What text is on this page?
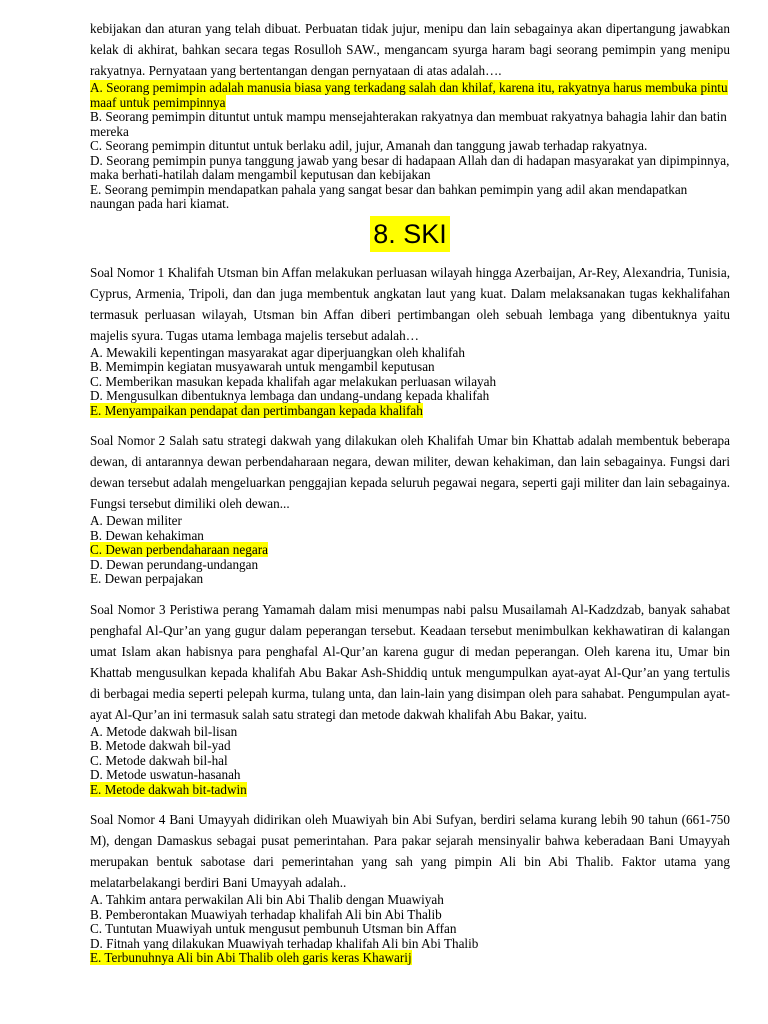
kebijakan dan aturan yang telah dibuat. Perbuatan tidak jujur, menipu dan lain sebagainya akan dipertangung jawabkan kelak di akhirat, bahkan secara tegas Rosulloh SAW., mengancam syurga haram bagi seorang pemimpin yang menipu rakyatnya. Pernyataan yang bertentangan dengan pernyataan di atas adalah….

A. Seorang pemimpin adalah manusia biasa yang terkadang salah dan khilaf, karena itu, rakyatnya harus membuka pintu maaf untuk pemimpinnya

B. Seorang pemimpin dituntut untuk mampu mensejahterakan rakyatnya dan membuat rakyatnya bahagia lahir dan batin mereka

C. Seorang pemimpin dituntut untuk berlaku adil, jujur, Amanah dan tanggung jawab terhadap rakyatnya.

D. Seorang pemimpin punya tanggung jawab yang besar di hadapaan Allah dan di hadapan masyarakat yan dipimpinnya, maka berhati-hatilah dalam mengambil keputusan dan kebijakan

E. Seorang pemimpin mendapatkan pahala yang sangat besar dan bahkan pemimpin yang adil akan mendapatkan naungan pada hari kiamat.

8. SKI

Soal Nomor 1 Khalifah Utsman bin Affan melakukan perluasan wilayah hingga Azerbaijan, Ar-Rey, Alexandria, Tunisia, Cyprus, Armenia, Tripoli, dan dan juga membentuk angkatan laut yang kuat. Dalam melaksanakan tugas kekhalifahan termasuk perluasan wilayah, Utsman bin Affan diberi pertimbangan oleh sebuah lembaga yang dibentuknya yaitu majelis syura. Tugas utama lembaga majelis tersebut adalah…

A. Mewakili kepentingan masyarakat agar diperjuangkan oleh khalifah

B. Memimpin kegiatan musyawarah untuk mengambil keputusan

C. Memberikan masukan kepada khalifah agar melakukan perluasan wilayah

D. Mengusulkan dibentuknya lembaga dan undang-undang kepada khalifah

E. Menyampaikan pendapat dan pertimbangan kepada khalifah

Soal Nomor 2 Salah satu strategi dakwah yang dilakukan oleh Khalifah Umar bin Khattab adalah membentuk beberapa dewan, di antarannya dewan perbendaharaan negara, dewan militer, dewan kehakiman, dan lain sebagainya. Fungsi dari dewan tersebut adalah mengeluarkan penggajian kepada seluruh pegawai negara, seperti gaji militer dan lain sebagainya. Fungsi tersebut dimiliki oleh dewan...

A. Dewan militer

B. Dewan kehakiman

C. Dewan perbendaharaan negara

D. Dewan perundang-undangan

E. Dewan perpajakan

Soal Nomor 3 Peristiwa perang Yamamah dalam misi menumpas nabi palsu Musailamah Al-Kadzdzab, banyak sahabat penghafal Al-Qur’an yang gugur dalam peperangan tersebut. Keadaan tersebut menimbulkan kekhawatiran di kalangan umat Islam akan habisnya para penghafal Al-Qur’an karena gugur di medan peperangan. Oleh karena itu, Umar bin Khattab mengusulkan kepada khalifah Abu Bakar Ash-Shiddiq untuk mengumpulkan ayat-ayat Al-Qur’an yang tertulis di berbagai media seperti pelepah kurma, tulang unta, dan lain-lain yang disimpan oleh para sahabat. Pengumpulan ayat-ayat Al-Qur’an ini termasuk salah satu strategi dan metode dakwah khalifah Abu Bakar, yaitu.

A. Metode dakwah bil-lisan

B. Metode dakwah bil-yad

C. Metode dakwah bil-hal

D. Metode uswatun-hasanah

E. Metode dakwah bit-tadwin

Soal Nomor 4 Bani Umayyah didirikan oleh Muawiyah bin Abi Sufyan, berdiri selama kurang lebih 90 tahun (661-750 M), dengan Damaskus sebagai pusat pemerintahan. Para pakar sejarah mensinyalir bahwa keberadaan Bani Umayyah merupakan bentuk sabotase dari pemerintahan yang sah yang pimpin Ali bin Abi Thalib. Faktor utama yang melatarbelakangi berdiri Bani Umayyah adalah..

A. Tahkim antara perwakilan Ali bin Abi Thalib dengan Muawiyah

B. Pemberontakan Muawiyah terhadap khalifah Ali bin Abi Thalib

C. Tuntutan Muawiyah untuk mengusut pembunuh Utsman bin Affan

D. Fitnah yang dilakukan Muawiyah terhadap khalifah Ali bin Abi Thalib

E. Terbunuhnya Ali bin Abi Thalib oleh garis keras Khawarij
